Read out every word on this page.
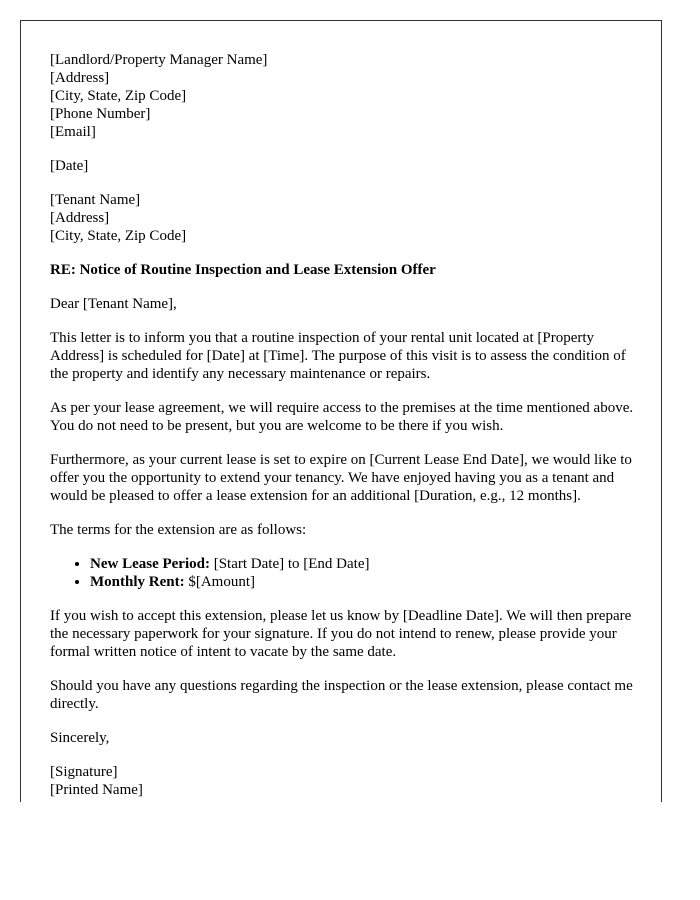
[Landlord/Property Manager Name]

[Address]

[City, State, Zip Code]

[Phone Number]

[Email]

[Date]

[Tenant Name]

[Address]

[City, State, Zip Code]

RE: Notice of Routine Inspection and Lease Extension Offer

Dear [Tenant Name],

This letter is to inform you that a routine inspection of your rental unit located at [Property Address] is scheduled for [Date] at [Time]. The purpose of this visit is to assess the condition of the property and identify any necessary maintenance or repairs.

As per your lease agreement, we will require access to the premises at the time mentioned above. You do not need to be present, but you are welcome to be there if you wish.

Furthermore, as your current lease is set to expire on [Current Lease End Date], we would like to offer you the opportunity to extend your tenancy. We have enjoyed having you as a tenant and would be pleased to offer a lease extension for an additional [Duration, e.g., 12 months].

The terms for the extension are as follows:

• New Lease Period: [Start Date] to [End Date]
• Monthly Rent: $[Amount]

If you wish to accept this extension, please let us know by [Deadline Date]. We will then prepare the necessary paperwork for your signature. If you do not intend to renew, please provide your formal written notice of intent to vacate by the same date.

Should you have any questions regarding the inspection or the lease extension, please contact me directly.

Sincerely,

[Signature]

[Printed Name]
